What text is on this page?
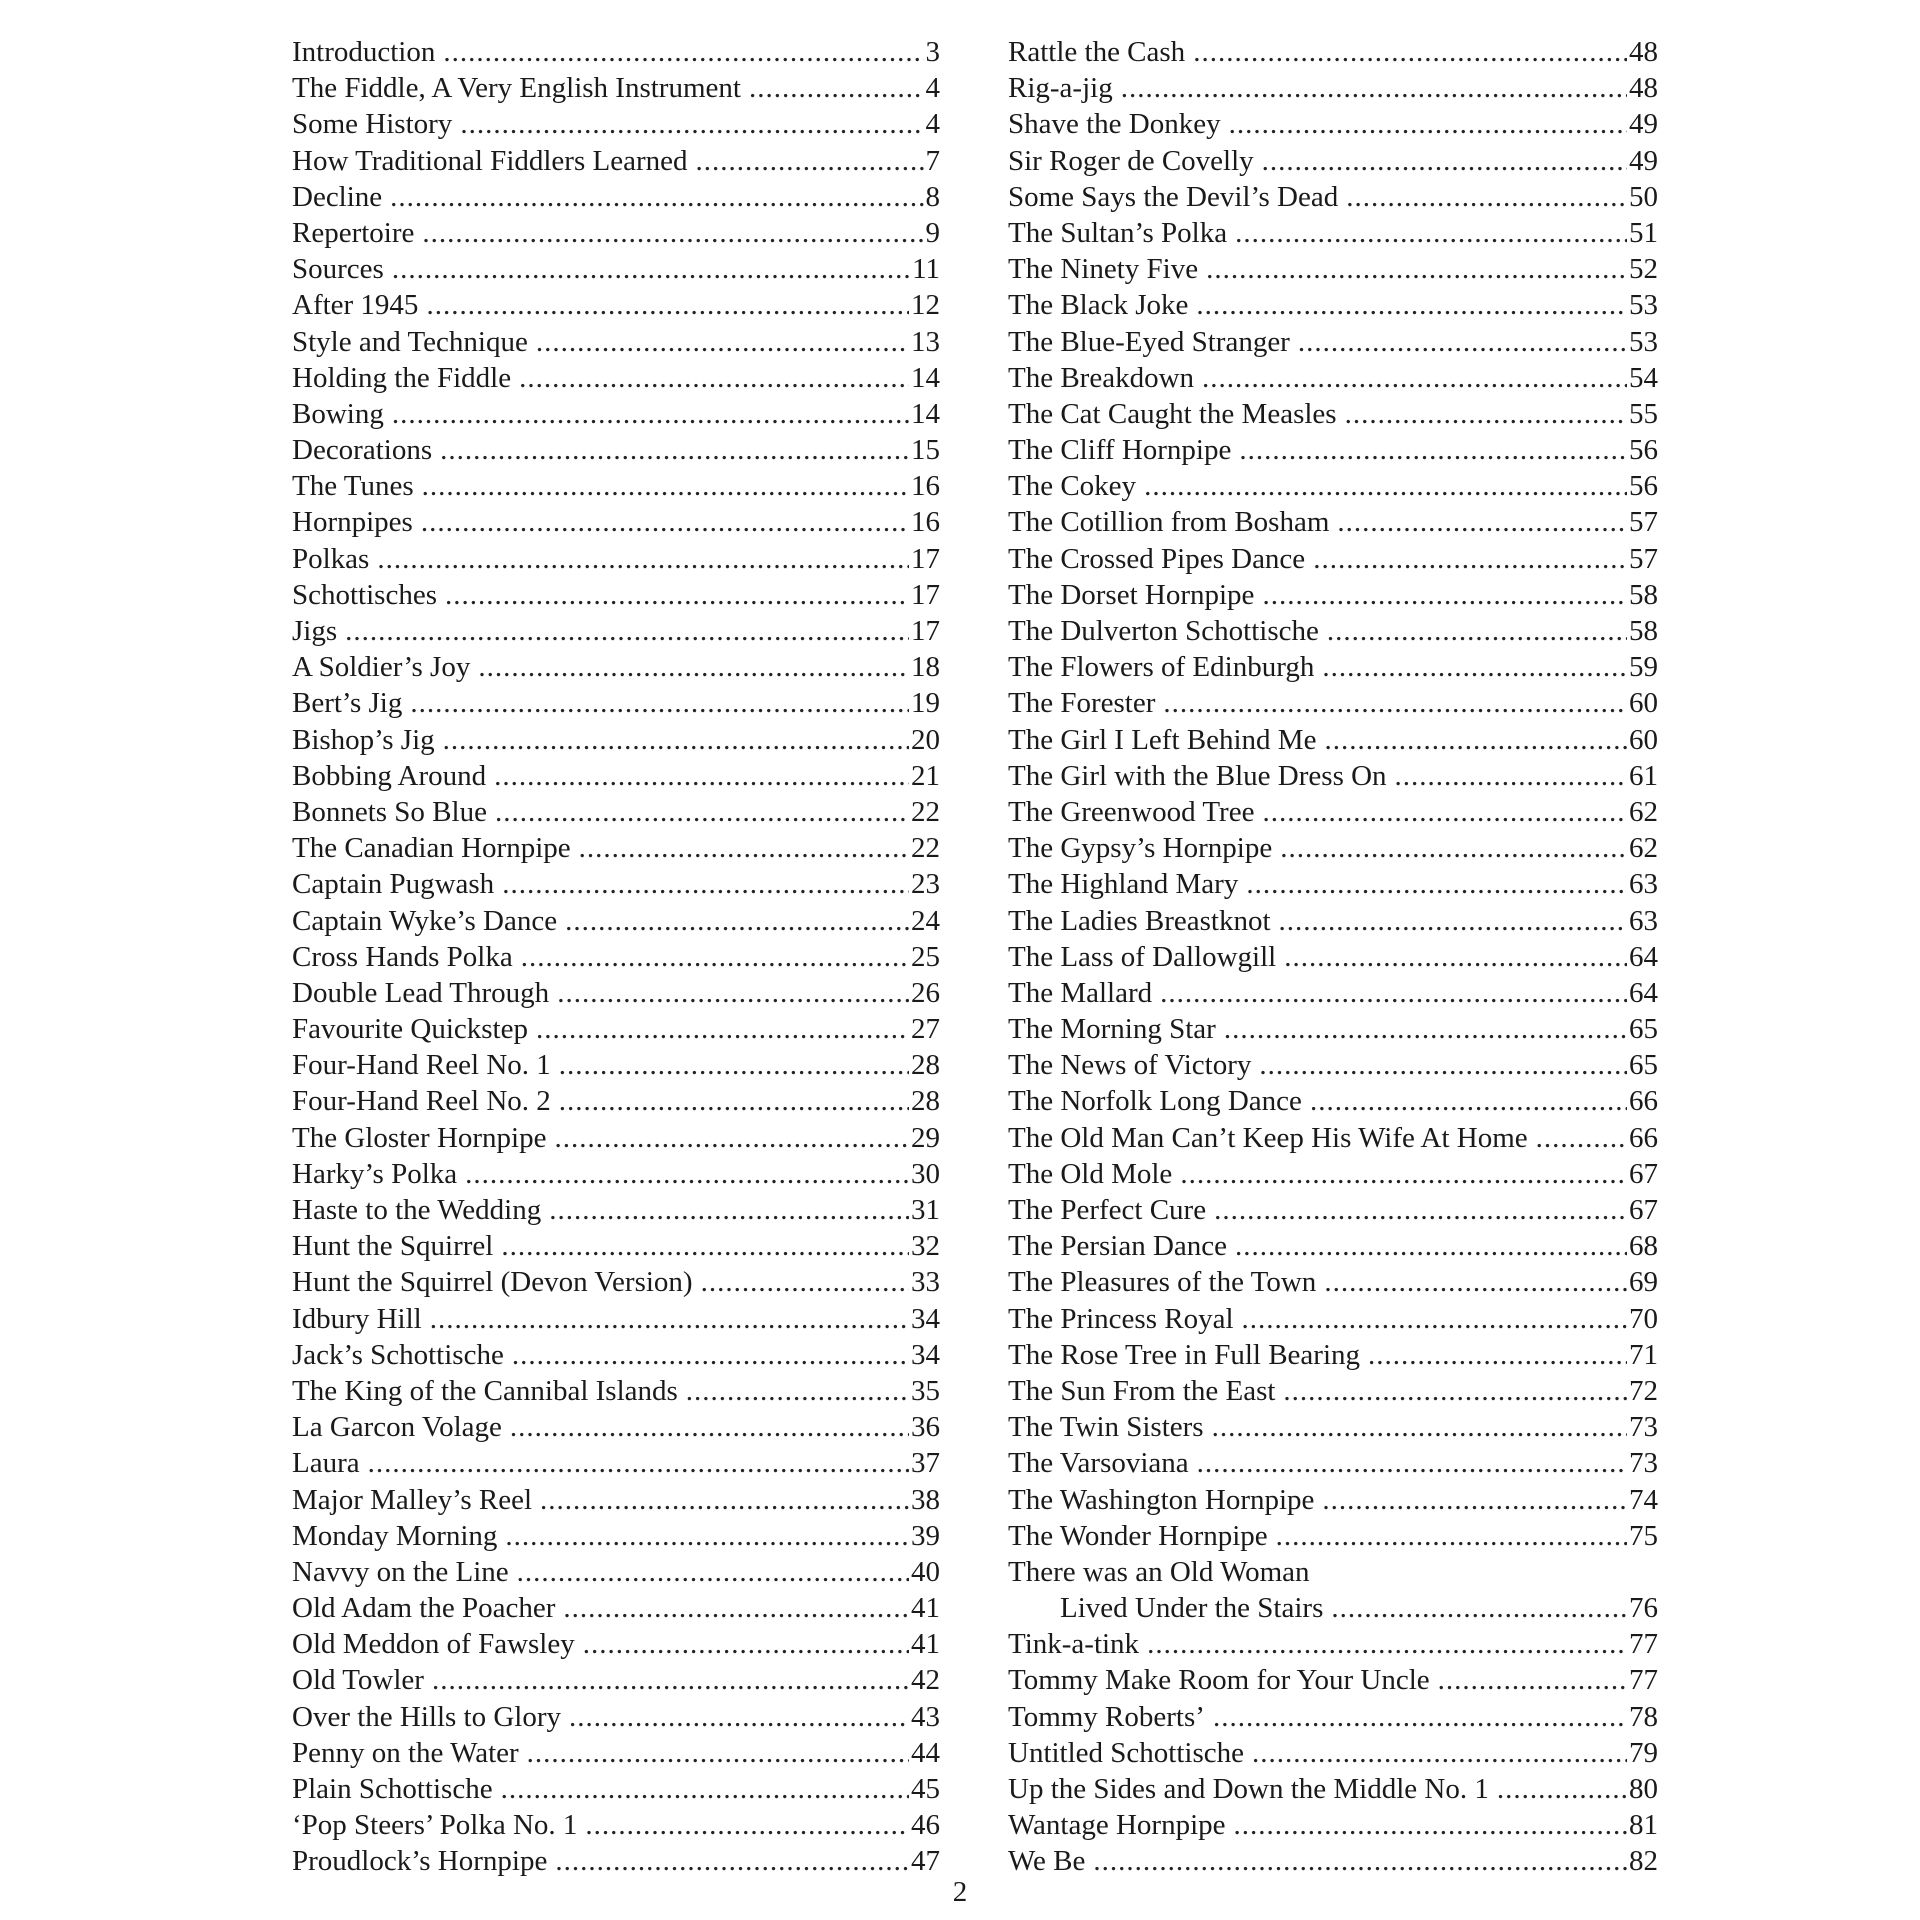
Introduction .....	3
The Fiddle, A Very English Instrument .....	4
Some History .....	4
How Traditional Fiddlers Learned .....	7
Decline .....	8
Repertoire .....	9
Sources .....	11
After 1945 .....	12
Style and Technique .....	13
Holding the Fiddle .....	14
Bowing .....	14
Decorations .....	15
The Tunes .....	16
Hornpipes .....	16
Polkas .....	17
Schottisches .....	17
Jigs .....	17
A Soldier’s Joy .....	18
Bert’s Jig .....	19
Bishop’s Jig .....	20
Bobbing Around .....	21
Bonnets So Blue .....	22
The Canadian Hornpipe .....	22
Captain Pugwash .....	23
Captain Wyke’s Dance .....	24
Cross Hands Polka .....	25
Double Lead Through .....	26
Favourite Quickstep .....	27
Four-Hand Reel No. 1 .....	28
Four-Hand Reel No. 2 .....	28
The Gloster Hornpipe .....	29
Harky’s Polka .....	30
Haste to the Wedding .....	31
Hunt the Squirrel .....	32
Hunt the Squirrel (Devon Version) .....	33
Idbury Hill .....	34
Jack’s Schottische .....	34
The King of the Cannibal Islands .....	35
La Garcon Volage .....	36
Laura .....	37
Major Malley’s Reel .....	38
Monday Morning .....	39
Navvy on the Line .....	40
Old Adam the Poacher .....	41
Old Meddon of Fawsley .....	41
Old Towler .....	42
Over the Hills to Glory .....	43
Penny on the Water .....	44
Plain Schottische .....	45
‘Pop Steers’ Polka No. 1 .....	46
Proudlock’s Hornpipe .....	47
Rattle the Cash .....	48
Rig-a-jig .....	48
Shave the Donkey .....	49
Sir Roger de Covelly .....	49
Some Says the Devil’s Dead .....	50
The Sultan’s Polka .....	51
The Ninety Five .....	52
The Black Joke .....	53
The Blue-Eyed Stranger .....	53
The Breakdown .....	54
The Cat Caught the Measles .....	55
The Cliff Hornpipe .....	56
The Cokey .....	56
The Cotillion from Bosham .....	57
The Crossed Pipes Dance .....	57
The Dorset Hornpipe .....	58
The Dulverton Schottische .....	58
The Flowers of Edinburgh .....	59
The Forester .....	60
The Girl I Left Behind Me .....	60
The Girl with the Blue Dress On .....	61
The Greenwood Tree .....	62
The Gypsy’s Hornpipe .....	62
The Highland Mary .....	63
The Ladies Breastknot .....	63
The Lass of Dallowgill .....	64
The Mallard .....	64
The Morning Star .....	65
The News of Victory .....	65
The Norfolk Long Dance .....	66
The Old Man Can’t Keep His Wife At Home .....	66
The Old Mole .....	67
The Perfect Cure .....	67
The Persian Dance .....	68
The Pleasures of the Town .....	69
The Princess Royal .....	70
The Rose Tree in Full Bearing .....	71
The Sun From the East .....	72
The Twin Sisters .....	73
The Varsoviana .....	73
The Washington Hornpipe .....	74
The Wonder Hornpipe .....	75
There was an Old Woman
Lived Under the Stairs .....	76
Tink-a-tink .....	77
Tommy Make Room for Your Uncle .....	77
Tommy Roberts’ .....	78
Untitled Schottische .....	79
Up the Sides and Down the Middle No. 1 .....	80
Wantage Hornpipe .....	81
We Be .....	82
2
